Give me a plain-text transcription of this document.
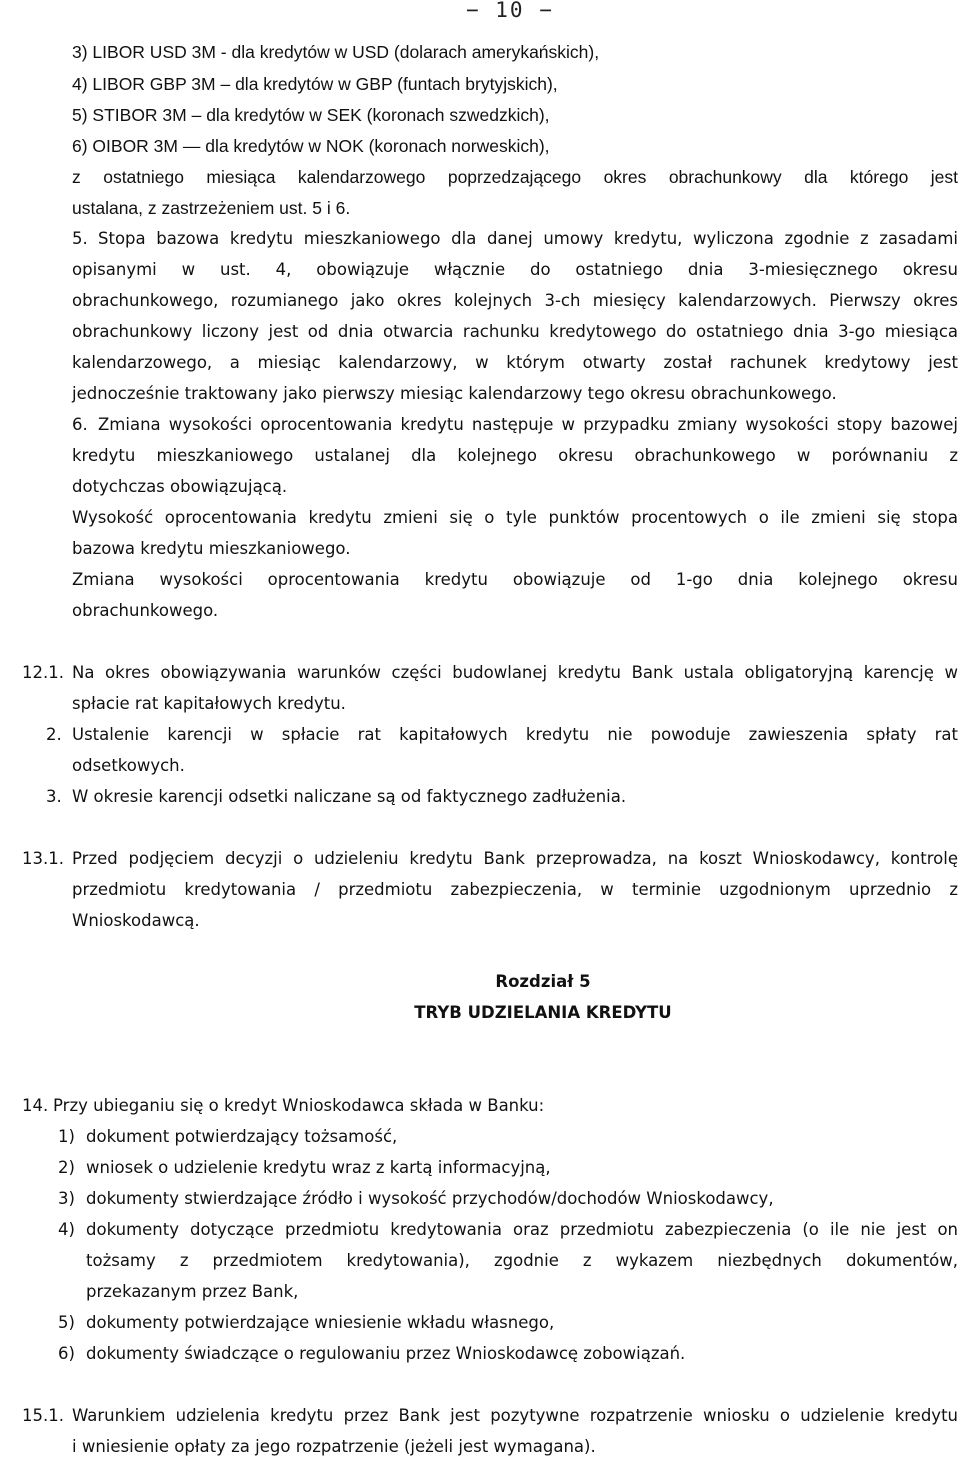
− 10 −
3) LIBOR USD 3M - dla kredytów w USD (dolarach amerykańskich),
4) LIBOR GBP 3M – dla kredytów w GBP (funtach brytyjskich),
5) STIBOR 3M – dla kredytów w SEK (koronach szwedzkich),
6) OIBOR 3M — dla kredytów w NOK (koronach norweskich),
z ostatniego miesiąca kalendarzowego poprzedzającego okres obrachunkowy dla którego jest
ustalana, z zastrzeżeniem ust. 5 i 6.
5. Stopa bazowa kredytu mieszkaniowego dla danej umowy kredytu, wyliczona zgodnie z zasadami
opisanymi w ust. 4, obowiązuje włącznie do ostatniego dnia 3-miesięcznego okresu
obrachunkowego, rozumianego jako okres kolejnych 3-ch miesięcy kalendarzowych. Pierwszy okres
obrachunkowy liczony jest od dnia otwarcia rachunku kredytowego do ostatniego dnia 3-go miesiąca
kalendarzowego, a miesiąc kalendarzowy, w którym otwarty został rachunek kredytowy jest
jednocześnie traktowany jako pierwszy miesiąc kalendarzowy tego okresu obrachunkowego.
6. Zmiana wysokości oprocentowania kredytu następuje w przypadku zmiany wysokości stopy bazowej
kredytu mieszkaniowego ustalanej dla kolejnego okresu obrachunkowego w porównaniu z
dotychczas obowiązującą.
Wysokość oprocentowania kredytu zmieni się o tyle punktów procentowych o ile zmieni się stopa
bazowa kredytu mieszkaniowego.
Zmiana wysokości oprocentowania kredytu obowiązuje od 1-go dnia kolejnego okresu
obrachunkowego.
12.1. Na okres obowiązywania warunków części budowlanej kredytu Bank ustala obligatoryjną karencję w
spłacie rat kapitałowych kredytu.
2. Ustalenie karencji w spłacie rat kapitałowych kredytu nie powoduje zawieszenia spłaty rat
odsetkowych.
3. W okresie karencji odsetki naliczane są od faktycznego zadłużenia.
13.1. Przed podjęciem decyzji o udzieleniu kredytu Bank przeprowadza, na koszt Wnioskodawcy, kontrolę
przedmiotu kredytowania / przedmiotu zabezpieczenia, w terminie uzgodnionym uprzednio z
Wnioskodawcą.
Rozdział 5
TRYB UDZIELANIA KREDYTU
14. Przy ubieganiu się o kredyt Wnioskodawca składa w Banku:
1) dokument potwierdzający tożsamość,
2) wniosek o udzielenie kredytu wraz z kartą informacyjną,
3) dokumenty stwierdzające źródło i wysokość przychodów/dochodów Wnioskodawcy,
4) dokumenty dotyczące przedmiotu kredytowania oraz przedmiotu zabezpieczenia (o ile nie jest on
tożsamy z przedmiotem kredytowania), zgodnie z wykazem niezbędnych dokumentów,
przekazanym przez Bank,
5) dokumenty potwierdzające wniesienie wkładu własnego,
6) dokumenty świadczące o regulowaniu przez Wnioskodawcę zobowiązań.
15.1. Warunkiem udzielenia kredytu przez Bank jest pozytywne rozpatrzenie wniosku o udzielenie kredytu
i wniesienie opłaty za jego rozpatrzenie (jeżeli jest wymagana).
